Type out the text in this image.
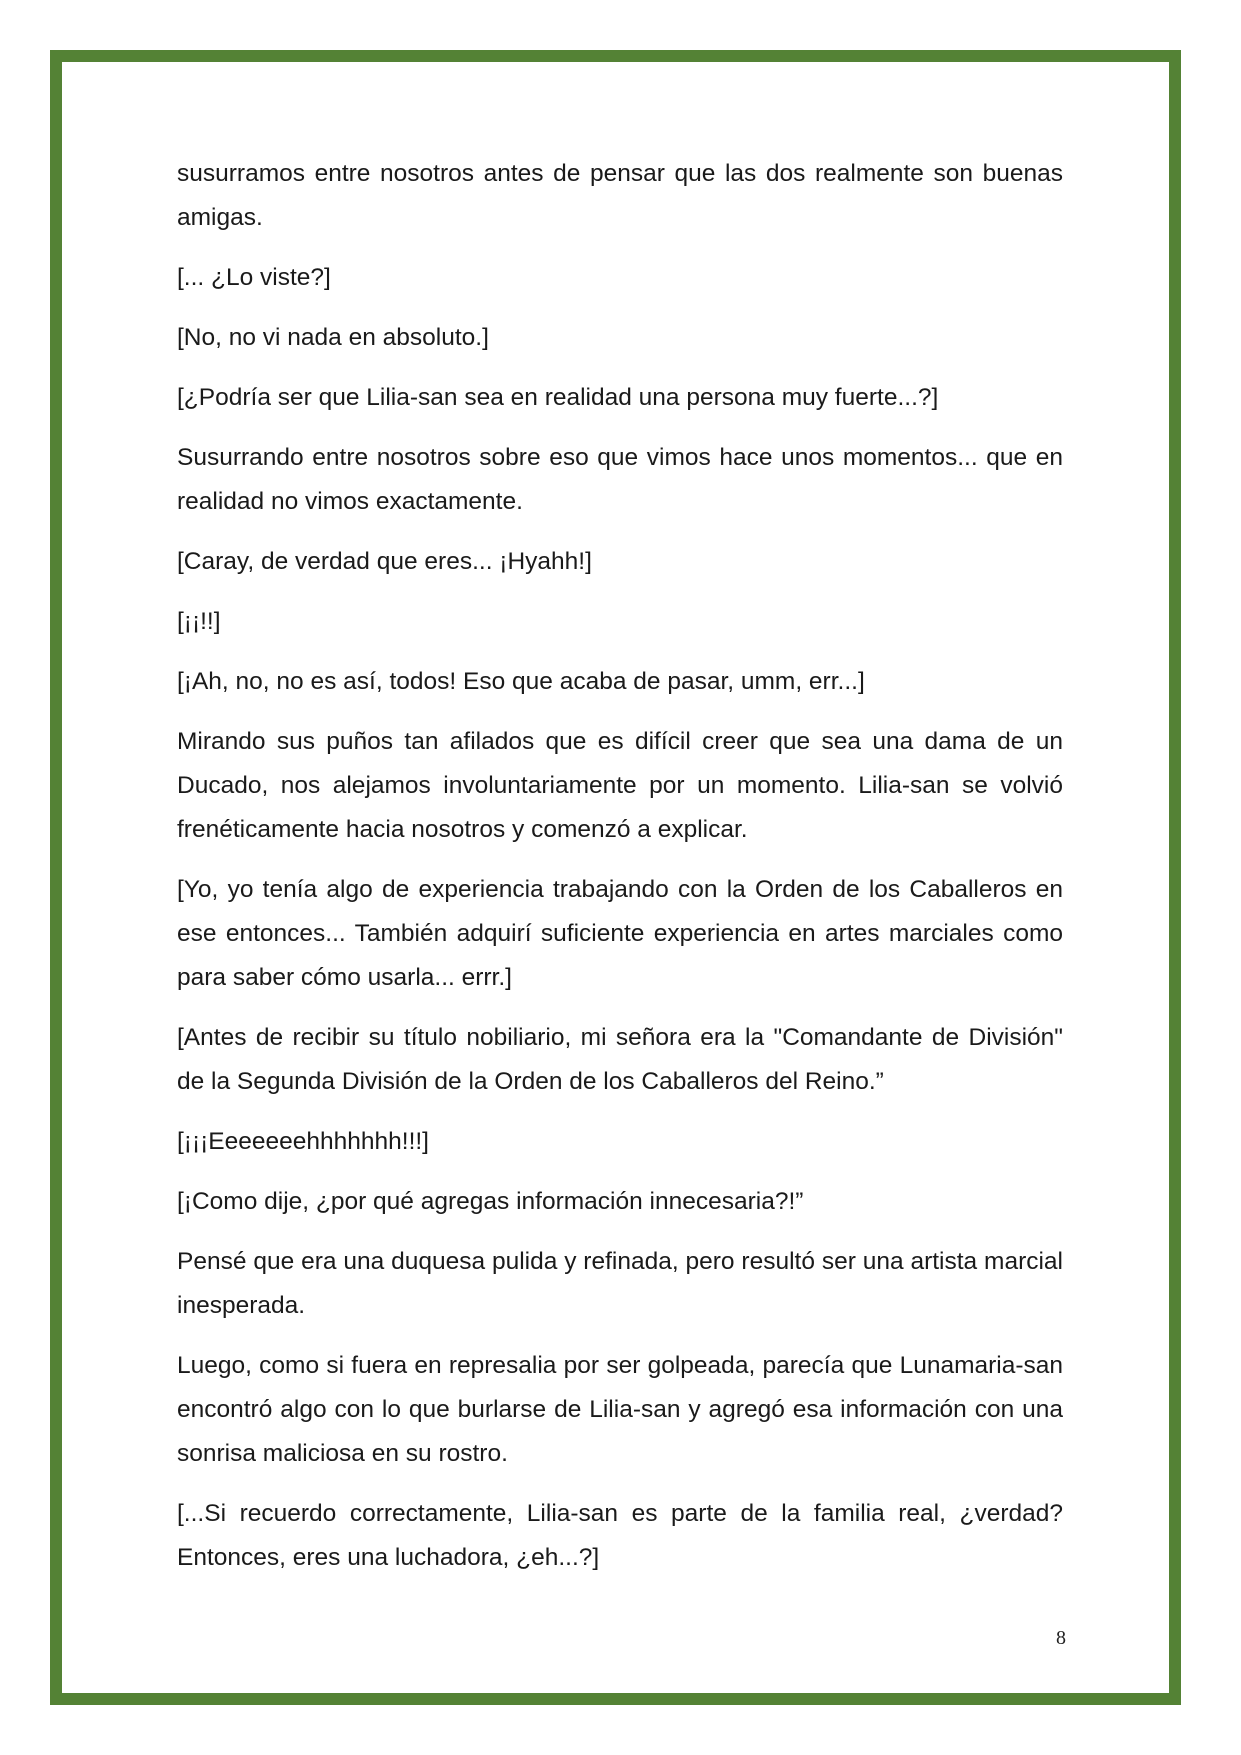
susurramos entre nosotros antes de pensar que las dos realmente son buenas amigas.

[... ¿Lo viste?]

[No, no vi nada en absoluto.]

[¿Podría ser que Lilia-san sea en realidad una persona muy fuerte...?]

Susurrando entre nosotros sobre eso que vimos hace unos momentos... que en realidad no vimos exactamente.

[Caray, de verdad que eres... ¡Hyahh!]

[¡¡!!]

[¡Ah, no, no es así, todos! Eso que acaba de pasar, umm, err...]

Mirando sus puños tan afilados que es difícil creer que sea una dama de un Ducado, nos alejamos involuntariamente por un momento. Lilia-san se volvió frenéticamente hacia nosotros y comenzó a explicar.

[Yo, yo tenía algo de experiencia trabajando con la Orden de los Caballeros en ese entonces... También adquirí suficiente experiencia en artes marciales como para saber cómo usarla... errr.]

[Antes de recibir su título nobiliario, mi señora era la "Comandante de División" de la Segunda División de la Orden de los Caballeros del Reino.”

[¡¡¡Eeeeeeehhhhhhh!!!]

[¡Como dije, ¿por qué agregas información innecesaria?!”

Pensé que era una duquesa pulida y refinada, pero resultó ser una artista marcial inesperada.

Luego, como si fuera en represalia por ser golpeada, parecía que Lunamaria-san encontró algo con lo que burlarse de Lilia-san y agregó esa información con una sonrisa maliciosa en su rostro.

[...Si recuerdo correctamente, Lilia-san es parte de la familia real, ¿verdad? Entonces, eres una luchadora, ¿eh...?]

8
